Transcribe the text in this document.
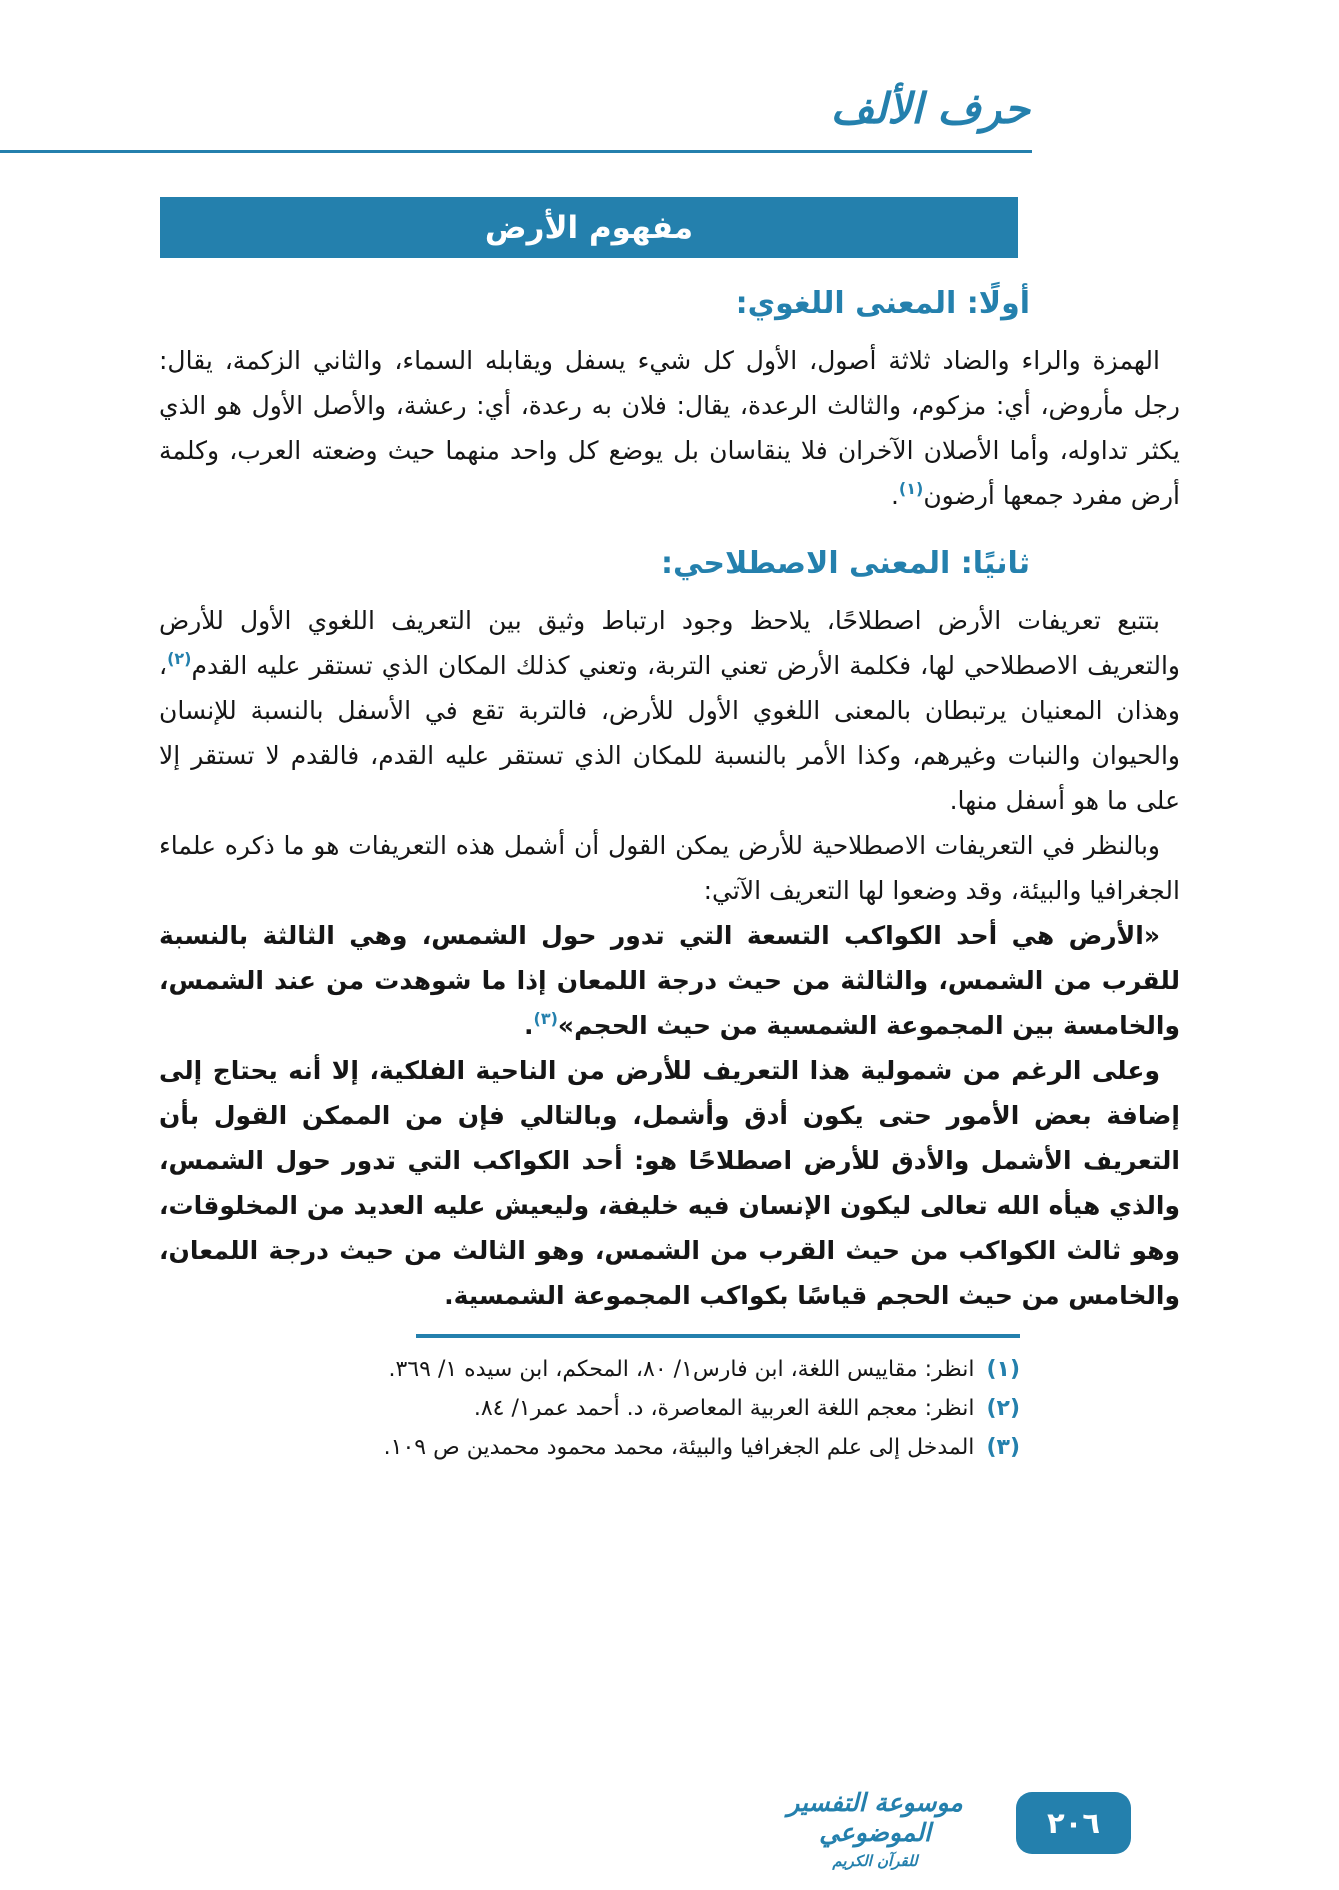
حرف الألف
مفهوم الأرض
أولًا: المعنى اللغوي:

الهمزة والراء والضاد ثلاثة أصول، الأول كل شيء يسفل ويقابله السماء، والثاني الزكمة، يقال: رجل مأروض، أي: مزكوم، والثالث الرعدة، يقال: فلان به رعدة، أي: رعشة، والأصل الأول هو الذي يكثر تداوله، وأما الأصلان الآخران فلا ينقاسان بل يوضع كل واحد منهما حيث وضعته العرب، وكلمة أرض مفرد جمعها أرضون$^{(١)}$.

ثانيًا: المعنى الاصطلاحي:

بتتبع تعريفات الأرض اصطلاحًا، يلاحظ وجود ارتباط وثيق بين التعريف اللغوي الأول للأرض والتعريف الاصطلاحي لها، فكلمة الأرض تعني التربة، وتعني كذلك المكان الذي تستقر عليه القدم$^{(٢)}$، وهذان المعنيان يرتبطان بالمعنى اللغوي الأول للأرض، فالتربة تقع في الأسفل بالنسبة للإنسان والحيوان والنبات وغيرهم، وكذا الأمر بالنسبة للمكان الذي تستقر عليه القدم، فالقدم لا تستقر إلا على ما هو أسفل منها.

وبالنظر في التعريفات الاصطلاحية للأرض يمكن القول أن أشمل هذه التعريفات هو ما ذكره علماء الجغرافيا والبيئة، وقد وضعوا لها التعريف الآتي:

«الأرض هي أحد الكواكب التسعة التي تدور حول الشمس، وهي الثالثة بالنسبة للقرب من الشمس، والثالثة من حيث درجة اللمعان إذا ما شوهدت من عند الشمس، والخامسة بين المجموعة الشمسية من حيث الحجم»$^{(٣)}$.

وعلى الرغم من شمولية هذا التعريف للأرض من الناحية الفلكية، إلا أنه يحتاج إلى إضافة بعض الأمور حتى يكون أدق وأشمل، وبالتالي فإن من الممكن القول بأن التعريف الأشمل والأدق للأرض اصطلاحًا هو: أحد الكواكب التي تدور حول الشمس، والذي هيأه الله تعالى ليكون الإنسان فيه خليفة، وليعيش عليه العديد من المخلوقات، وهو ثالث الكواكب من حيث القرب من الشمس، وهو الثالث من حيث درجة اللمعان، والخامس من حيث الحجم قياسًا بكواكب المجموعة الشمسية.

(١)انظر: مقاييس اللغة، ابن فارس١/ ٨٠، المحكم، ابن سيده ١/ ٣٦٩.
(٢)انظر: معجم اللغة العربية المعاصرة، د. أحمد عمر١/ ٨٤.
(٣)المدخل إلى علم الجغرافيا والبيئة، محمد محمود محمدين ص ١٠٩.
موسوعة التفسير الموضوعي
للقرآن الكريم
٢٠٦
